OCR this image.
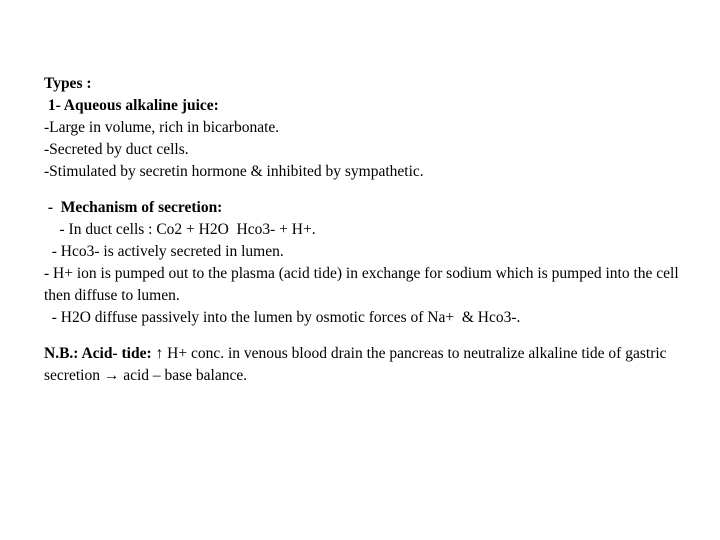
Types :
1- Aqueous alkaline juice:
-Large in volume, rich in bicarbonate.
-Secreted by duct cells.
-Stimulated by secretin hormone & inhibited by sympathetic.
-  Mechanism of secretion:
- In duct cells : Co2 + H2O  Hco3- + H+.
- Hco3- is actively secreted in lumen.
- H+ ion is pumped out to the plasma (acid tide) in exchange for sodium which is pumped into the cell then diffuse to lumen.
- H2O diffuse passively into the lumen by osmotic forces of Na+  & Hco3-.
N.B.: Acid- tide: ↑ H+ conc. in venous blood drain the pancreas to neutralize alkaline tide of gastric secretion → acid – base balance.
